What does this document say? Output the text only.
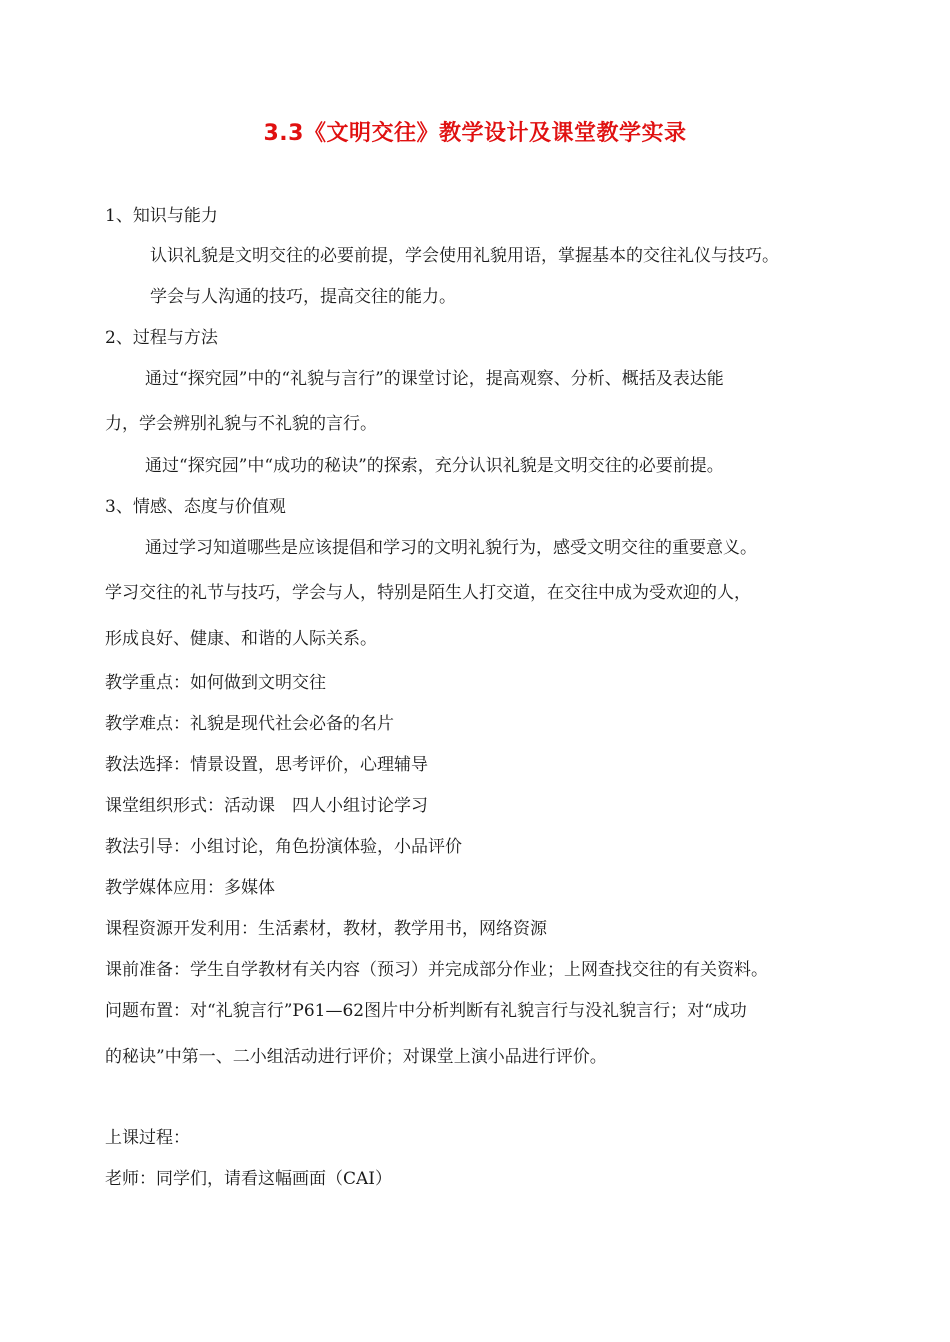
3.3《文明交往》教学设计及课堂教学实录
1、知识与能力
认识礼貌是文明交往的必要前提，学会使用礼貌用语，掌握基本的交往礼仪与技巧。
学会与人沟通的技巧，提高交往的能力。
2、过程与方法
通过“探究园”中的“礼貌与言行”的课堂讨论，提高观察、分析、概括及表达能
力，学会辨别礼貌与不礼貌的言行。
通过“探究园”中“成功的秘诀”的探索，充分认识礼貌是文明交往的必要前提。
3、情感、态度与价值观
通过学习知道哪些是应该提倡和学习的文明礼貌行为，感受文明交往的重要意义。
学习交往的礼节与技巧，学会与人，特别是陌生人打交道，在交往中成为受欢迎的人，
形成良好、健康、和谐的人际关系。
教学重点：如何做到文明交往
教学难点：礼貌是现代社会必备的名片
教法选择：情景设置，思考评价，心理辅导
课堂组织形式：活动课　四人小组讨论学习
教法引导：小组讨论，角色扮演体验，小品评价
教学媒体应用：多媒体
课程资源开发利用：生活素材，教材，教学用书，网络资源
课前准备：学生自学教材有关内容（预习）并完成部分作业；上网查找交往的有关资料。
问题布置：对“礼貌言行”P61—62图片中分析判断有礼貌言行与没礼貌言行；对“成功
的秘诀”中第一、二小组活动进行评价；对课堂上演小品进行评价。
上课过程：
老师：同学们，请看这幅画面（CAI）
